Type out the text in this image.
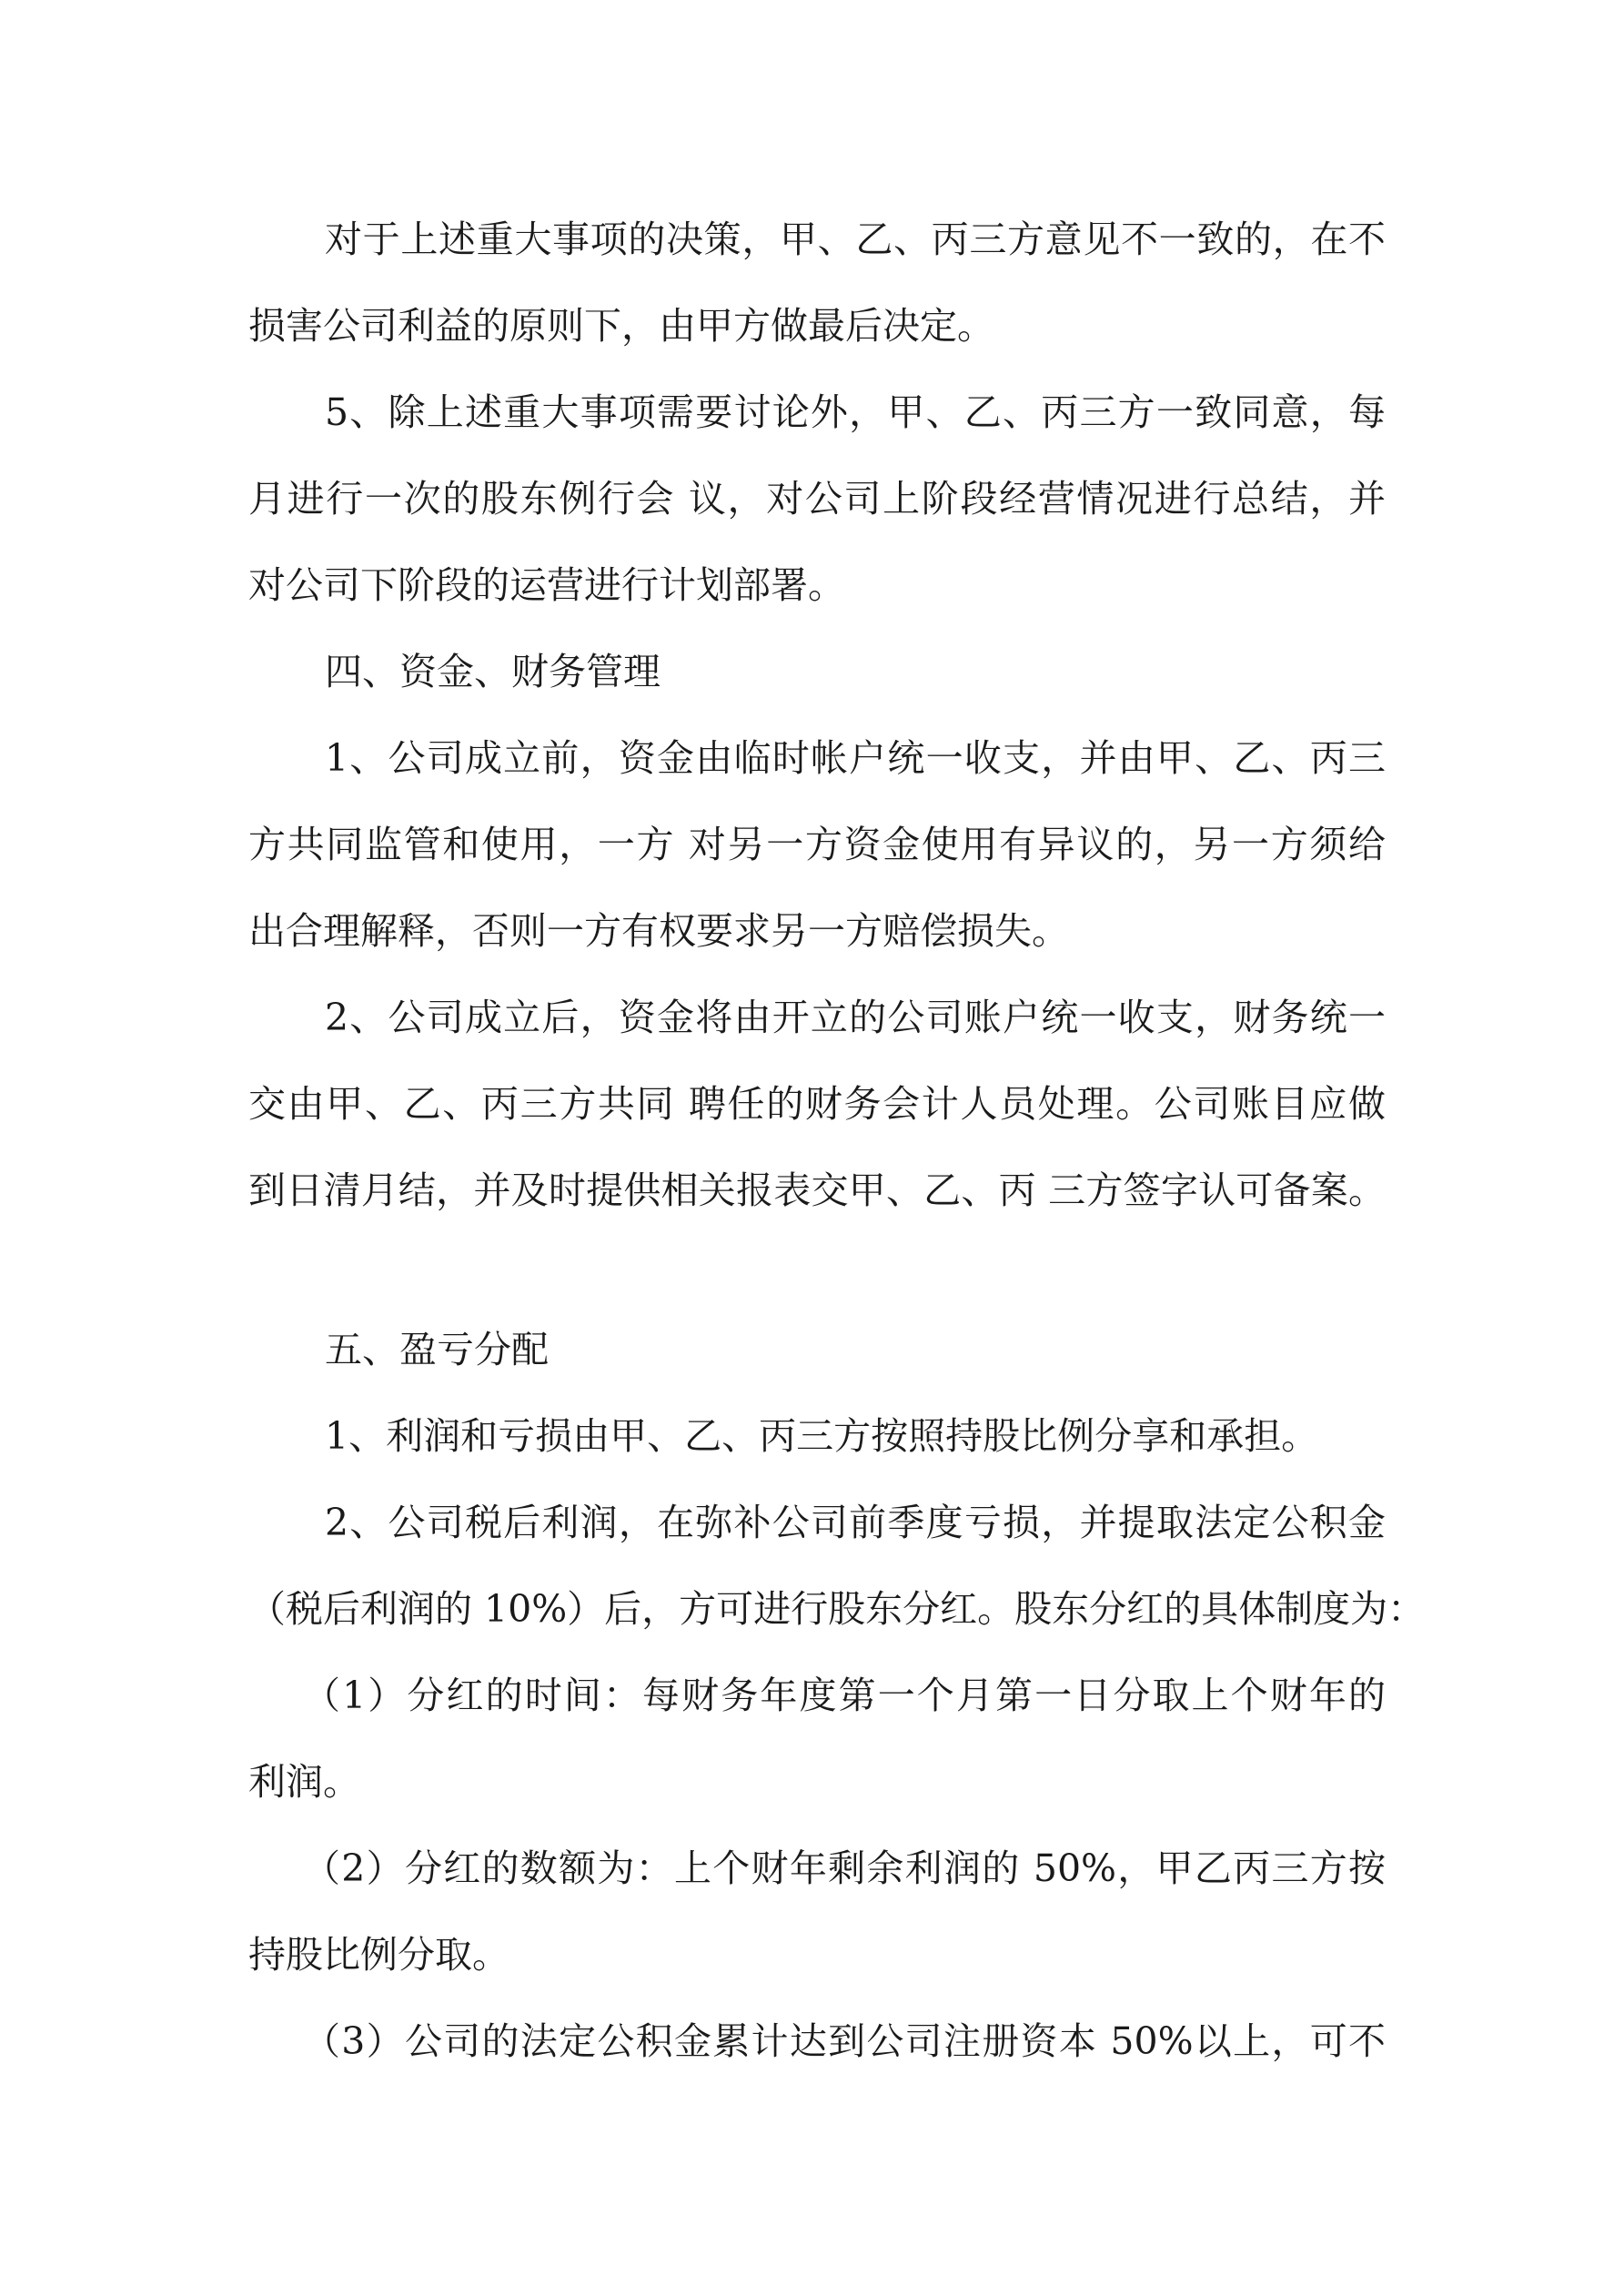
对于上述重大事项的决策，甲、乙、丙三方意见不一致的，在不
损害公司利益的原则下，由甲方做最后决定。
5、除上述重大事项需要讨论外，甲、乙、丙三方一致同意，每
月进行一次的股东例行会 议，对公司上阶段经营情况进行总结，并
对公司下阶段的运营进行计划部署。
四、资金、财务管理
1、公司成立前，资金由临时帐户统一收支，并由甲、乙、丙三
方共同监管和使用，一方 对另一方资金使用有异议的，另一方须给
出合理解释，否则一方有权要求另一方赔偿损失。
2、公司成立后，资金将由开立的公司账户统一收支，财务统一
交由甲、乙、丙三方共同 聘任的财务会计人员处理。公司账目应做
到日清月结，并及时提供相关报表交甲、乙、丙 三方签字认可备案。
五、盈亏分配
1、利润和亏损由甲、乙、丙三方按照持股比例分享和承担。
2、公司税后利润，在弥补公司前季度亏损，并提取法定公积金
（税后利润的 10%）后，方可进行股东分红。股东分红的具体制度为：
（1）分红的时间：每财务年度第一个月第一日分取上个财年的
利润。
（2）分红的数额为：上个财年剩余利润的 50%，甲乙丙三方按
持股比例分取。
（3）公司的法定公积金累计达到公司注册资本 50%以上，可不
